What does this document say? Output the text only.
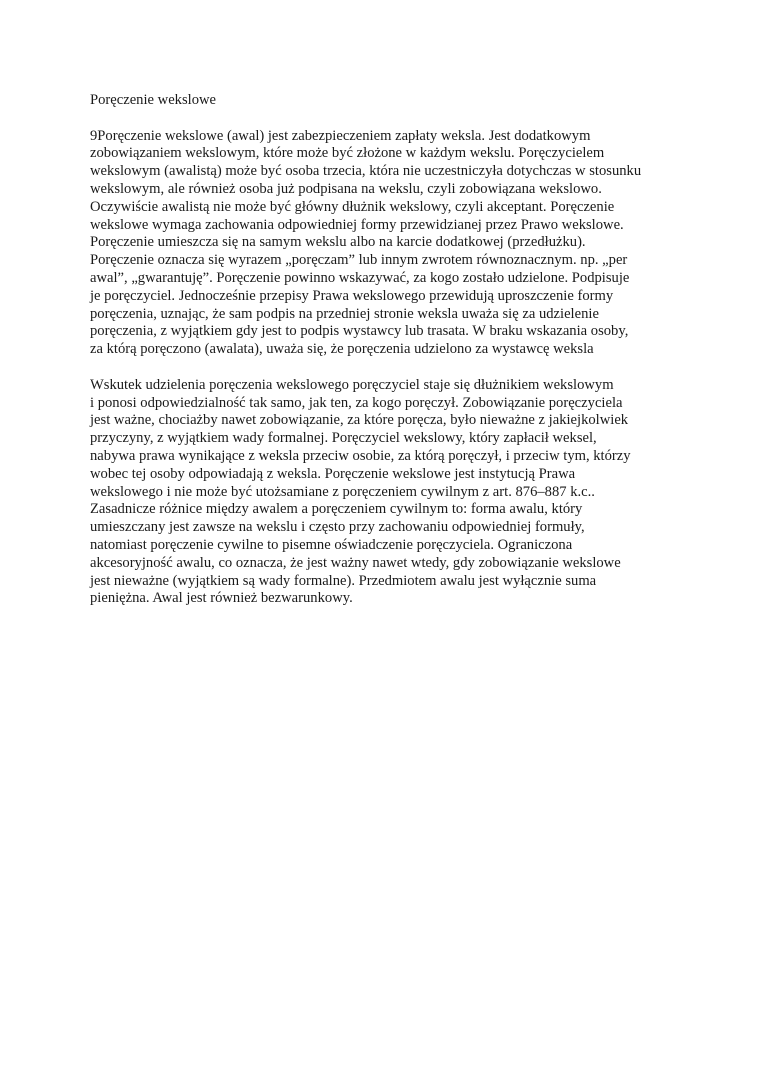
Poręczenie wekslowe

9Poręczenie wekslowe (awal) jest zabezpieczeniem zapłaty weksla. Jest dodatkowym
zobowiązaniem wekslowym, które może być złożone w każdym wekslu. Poręczycielem
wekslowym (awalistą) może być osoba trzecia, która nie uczestniczyła dotychczas w stosunku
wekslowym, ale również osoba już podpisana na wekslu, czyli zobowiązana wekslowo.
Oczywiście awalistą nie może być główny dłużnik wekslowy, czyli akceptant. Poręczenie
wekslowe wymaga zachowania odpowiedniej formy przewidzianej przez Prawo wekslowe.
Poręczenie umieszcza się na samym wekslu albo na karcie dodatkowej (przedłużku).
Poręczenie oznacza się wyrazem „poręczam” lub innym zwrotem równoznacznym. np. „per
awal”, „gwarantuję”. Poręczenie powinno wskazywać, za kogo zostało udzielone. Podpisuje
je poręczyciel. Jednocześnie przepisy Prawa wekslowego przewidują uproszczenie formy
poręczenia, uznając, że sam podpis na przedniej stronie weksla uważa się za udzielenie
poręczenia, z wyjątkiem gdy jest to podpis wystawcy lub trasata. W braku wskazania osoby,
za którą poręczono (awalata), uważa się, że poręczenia udzielono za wystawcę weksla
Wskutek udzielenia poręczenia wekslowego poręczyciel staje się dłużnikiem wekslowym
i ponosi odpowiedzialność tak samo, jak ten, za kogo poręczył. Zobowiązanie poręczyciela
jest ważne, chociażby nawet zobowiązanie, za które poręcza, było nieważne z jakiejkolwiek
przyczyny, z wyjątkiem wady formalnej. Poręczyciel wekslowy, który zapłacił weksel,
nabywa prawa wynikające z weksla przeciw osobie, za którą poręczył, i przeciw tym, którzy
wobec tej osoby odpowiadają z weksla. Poręczenie wekslowe jest instytucją Prawa
wekslowego i nie może być utożsamiane z poręczeniem cywilnym z art. 876–887 k.c..
Zasadnicze różnice między awalem a poręczeniem cywilnym to: forma awalu, który
umieszczany jest zawsze na wekslu i często przy zachowaniu odpowiedniej formuły,
natomiast poręczenie cywilne to pisemne oświadczenie poręczyciela. Ograniczona
akcesoryjność awalu, co oznacza, że jest ważny nawet wtedy, gdy zobowiązanie wekslowe
jest nieważne (wyjątkiem są wady formalne). Przedmiotem awalu jest wyłącznie suma
pieniężna. Awal jest również bezwarunkowy.
